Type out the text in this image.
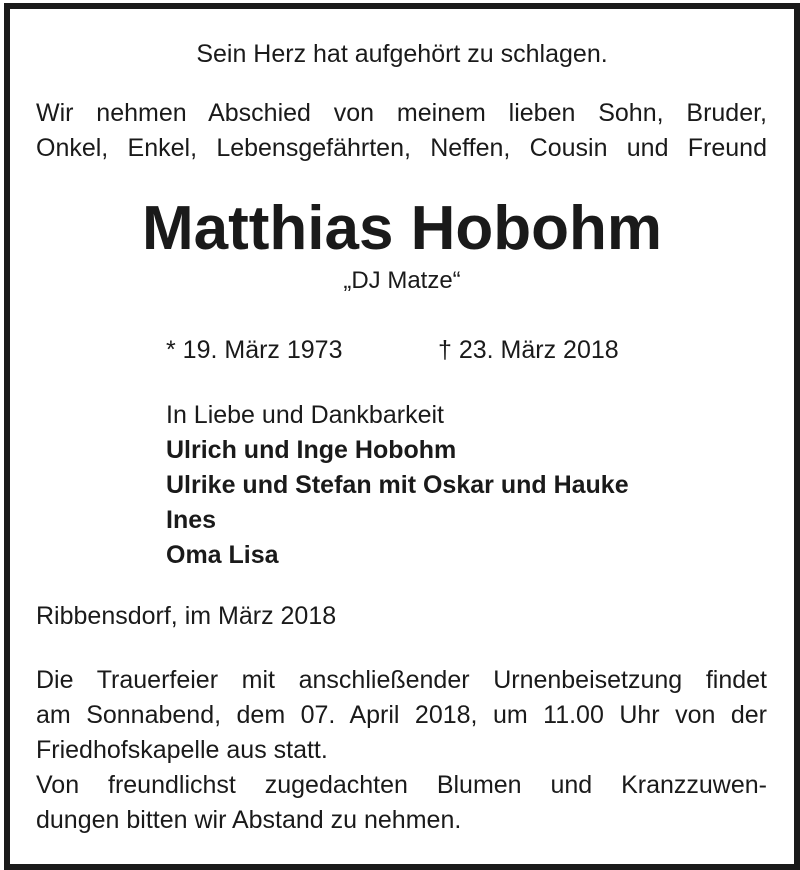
Sein Herz hat aufgehört zu schlagen.
Wir nehmen Abschied von meinem lieben Sohn, Bruder,
Onkel, Enkel, Lebensgefährten, Neffen, Cousin und Freund
Matthias Hobohm
„DJ Matze“
* 19. März 1973	† 23. März 2018
In Liebe und Dankbarkeit
Ulrich und Inge Hobohm
Ulrike und Stefan mit Oskar und Hauke
Ines
Oma Lisa
Ribbensdorf, im März 2018
Die Trauerfeier mit anschließender Urnenbeisetzung findet
am Sonnabend, dem 07. April 2018, um 11.00 Uhr von der
Friedhofskapelle aus statt.
Von freundlichst zugedachten Blumen und Kranzzuwen-
dungen bitten wir Abstand zu nehmen.
